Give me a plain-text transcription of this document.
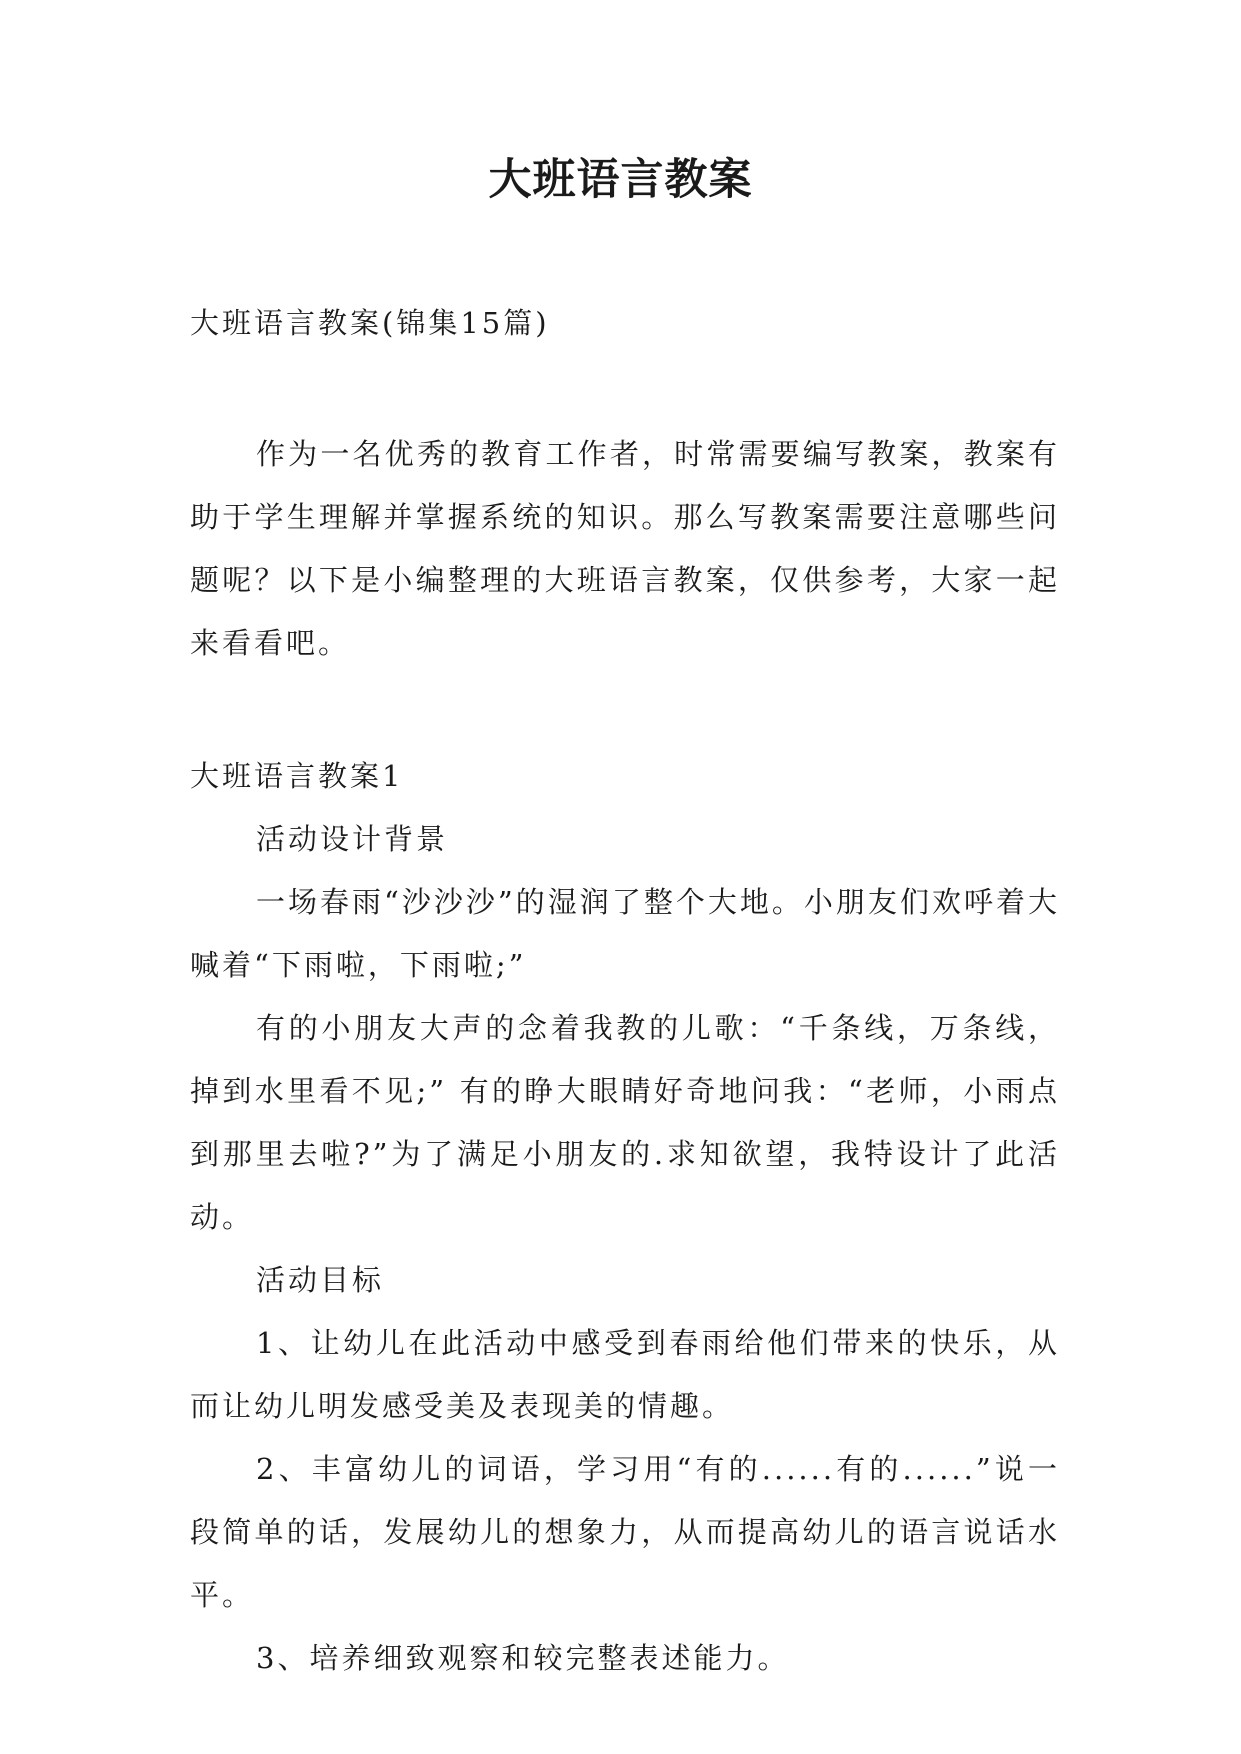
大班语言教案

大班语言教案(锦集15篇)

作为一名优秀的教育工作者，时常需要编写教案，教案有助于学生理解并掌握系统的知识。那么写教案需要注意哪些问题呢？以下是小编整理的大班语言教案，仅供参考，大家一起来看看吧。

大班语言教案1

活动设计背景

一场春雨“沙沙沙”的湿润了整个大地。小朋友们欢呼着大喊着“下雨啦，下雨啦;”

有的小朋友大声的念着我教的儿歌：“千条线，万条线，掉到水里看不见;” 有的睁大眼睛好奇地问我：“老师，小雨点到那里去啦?”为了满足小朋友的.求知欲望，我特设计了此活动。

活动目标

1、让幼儿在此活动中感受到春雨给他们带来的快乐，从而让幼儿明发感受美及表现美的情趣。

2、丰富幼儿的词语，学习用“有的......有的......”说一段简单的话，发展幼儿的想象力，从而提高幼儿的语言说话水平。

3、培养细致观察和较完整表述能力。
